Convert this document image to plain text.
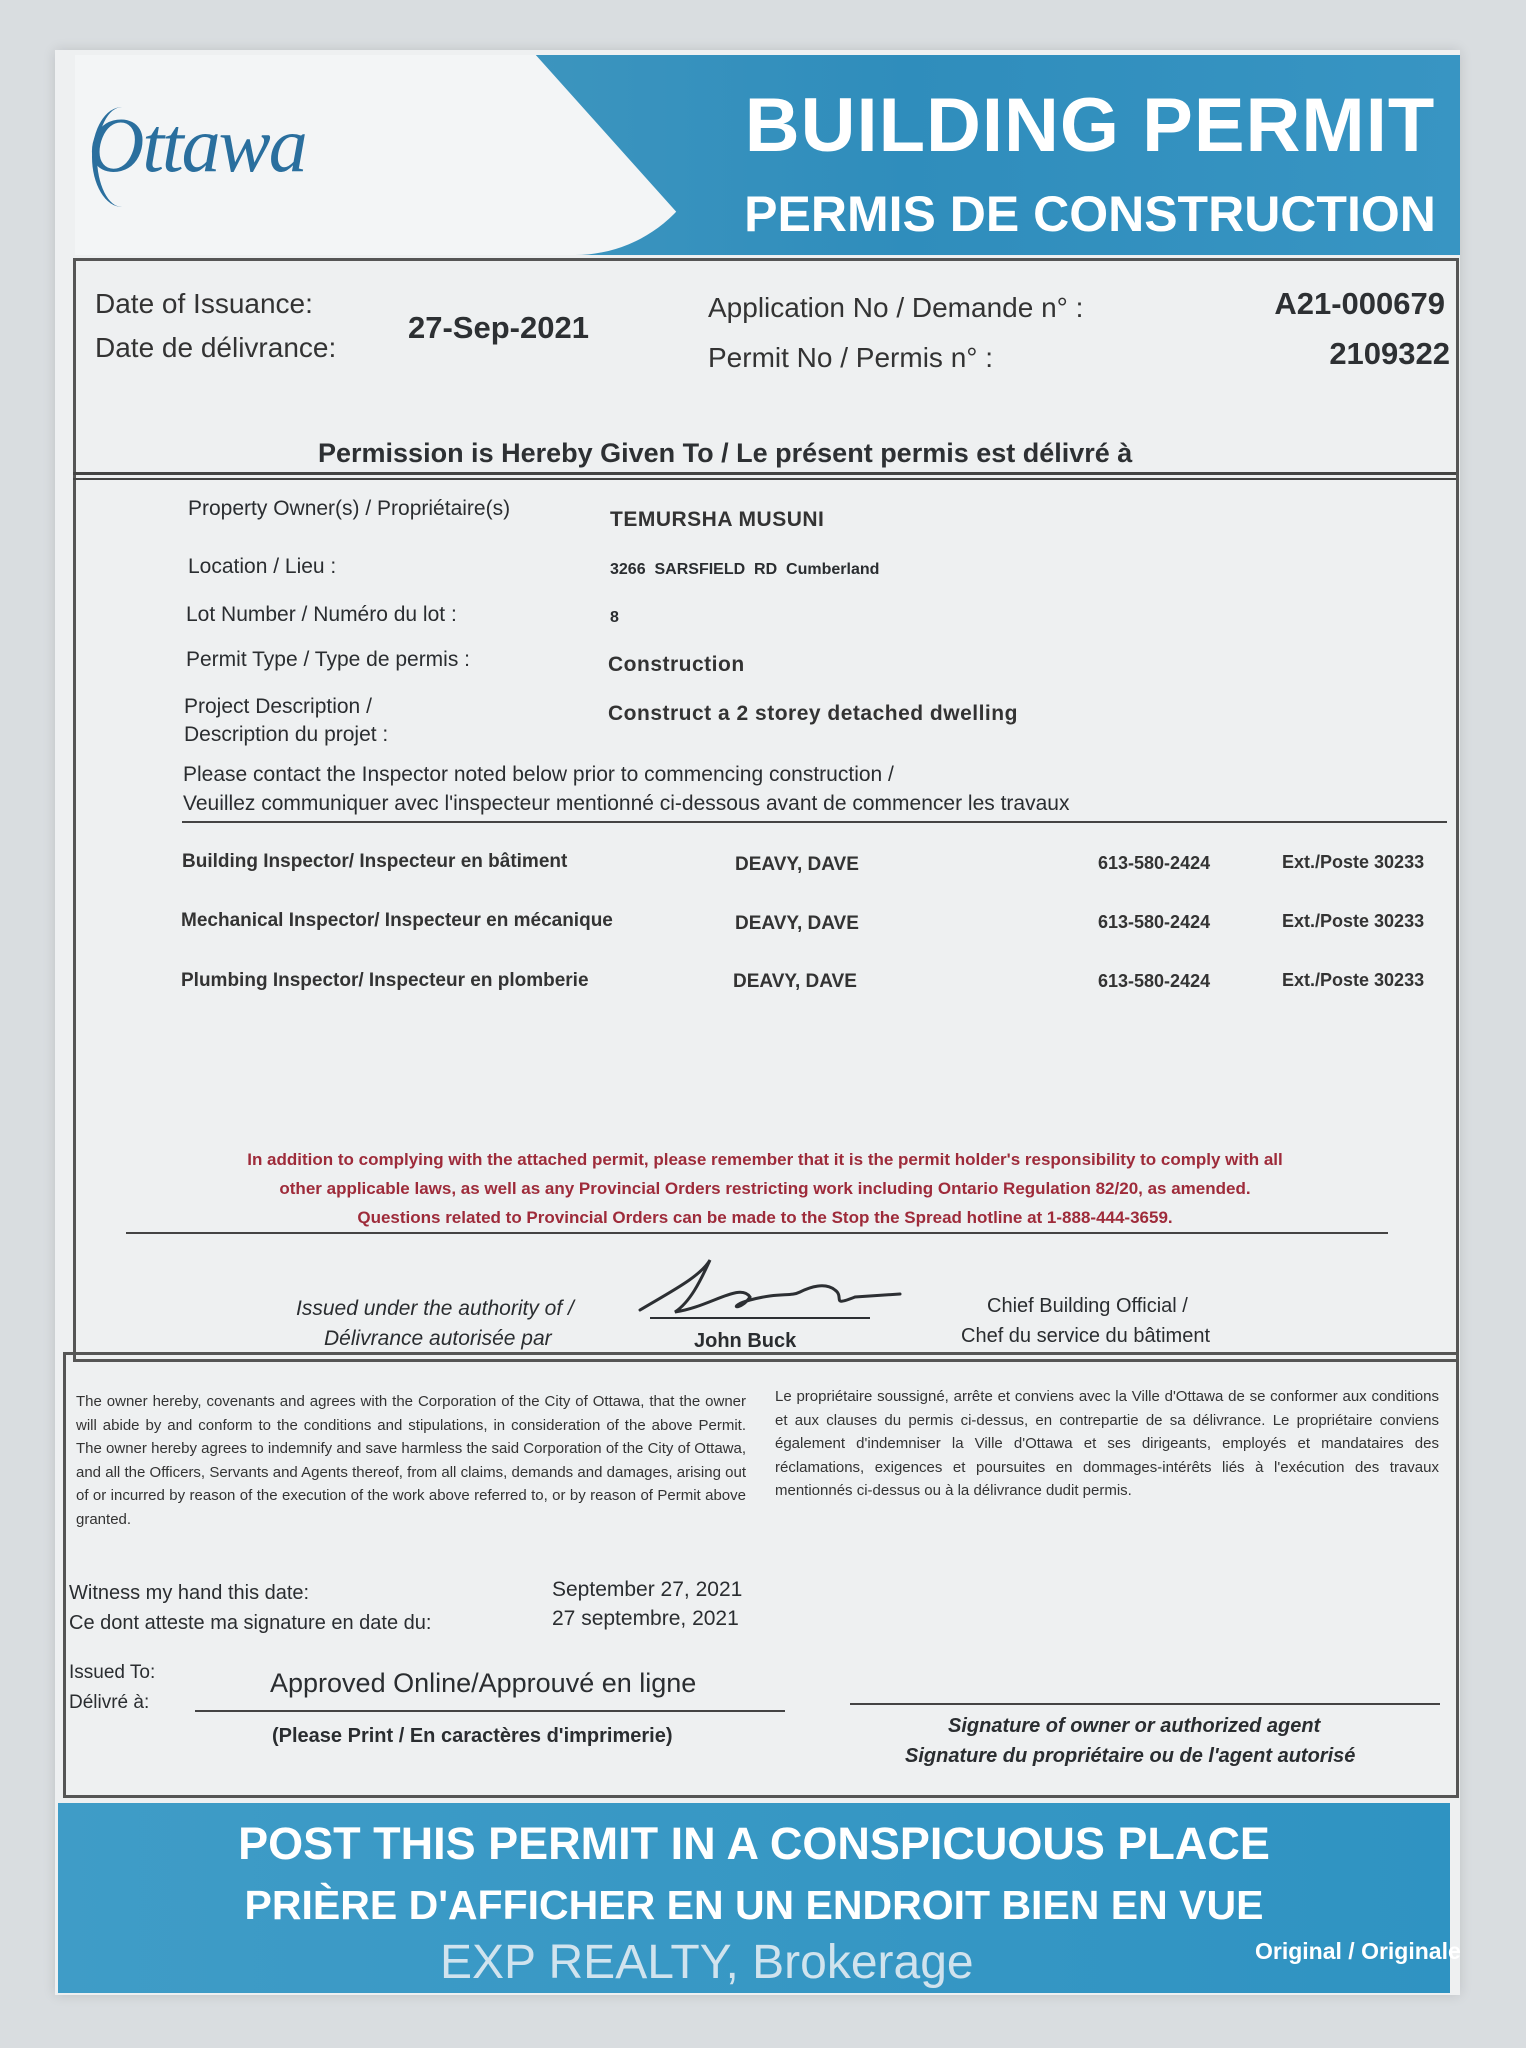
Ottawa	BUILDING PERMIT
PERMIS DE CONSTRUCTION
Date of Issuance:
Date de délivrance:
27-Sep-2021
Application No / Demande n° :	A21-000679
Permit No / Permis n° :	2109322
Permission is Hereby Given To / Le présent permis est délivré à
Property Owner(s) / Propriétaire(s)	TEMURSHA MUSUNI
Location / Lieu :	3266  SARSFIELD  RD  Cumberland
Lot Number / Numéro du lot :	8
Permit Type / Type de permis :	Construction
Project Description /
Description du projet :
Construct a 2 storey detached dwelling
Please contact the Inspector noted below prior to commencing construction /
Veuillez communiquer avec l'inspecteur mentionné ci-dessous avant de commencer les travaux
Building Inspector/ Inspecteur en bâtiment	DEAVY, DAVE	613-580-2424	Ext./Poste 30233
Mechanical Inspector/ Inspecteur en mécanique	DEAVY, DAVE	613-580-2424	Ext./Poste 30233
Plumbing Inspector/ Inspecteur en plomberie	DEAVY, DAVE	613-580-2424	Ext./Poste 30233
In addition to complying with the attached permit, please remember that it is the permit holder's responsibility to comply with all
other applicable laws, as well as any Provincial Orders restricting work including Ontario Regulation 82/20, as amended.
Questions related to Provincial Orders can be made to the Stop the Spread hotline at 1-888-444-3659.
Issued under the authority of /
Délivrance autorisée par	John Buck
Chief Building Official /
Chef du service du bâtiment
The owner hereby, covenants and agrees with the Corporation of the City of Ottawa, that the owner will abide by and conform to the conditions and stipulations, in consideration of the above Permit. The owner hereby agrees to indemnify and save harmless the said Corporation of the City of Ottawa, and all the Officers, Servants and Agents thereof, from all claims, demands and damages, arising out of or incurred by reason of the execution of the work above referred to, or by reason of Permit above granted.
Le propriétaire soussigné, arrête et conviens avec la Ville d'Ottawa de se conformer aux conditions et aux clauses du permis ci-dessus, en contrepartie de sa délivrance. Le propriétaire conviens également d'indemniser la Ville d'Ottawa et ses dirigeants, employés et mandataires des réclamations, exigences et poursuites en dommages-intérêts liés à l'exécution des travaux mentionnés ci-dessus ou à la délivrance dudit permis.
Witness my hand this date:
Ce dont atteste ma signature en date du:
September 27, 2021
27 septembre, 2021
Issued To:
Délivré à:
Approved Online/Approuvé en ligne
(Please Print / En caractères d'imprimerie)	Signature of owner or authorized agent
Signature du propriétaire ou de l'agent autorisé
POST THIS PERMIT IN A CONSPICUOUS PLACE
PRIÈRE D'AFFICHER EN UN ENDROIT BIEN EN VUE
EXP REALTY, Brokerage	Original / Originale
